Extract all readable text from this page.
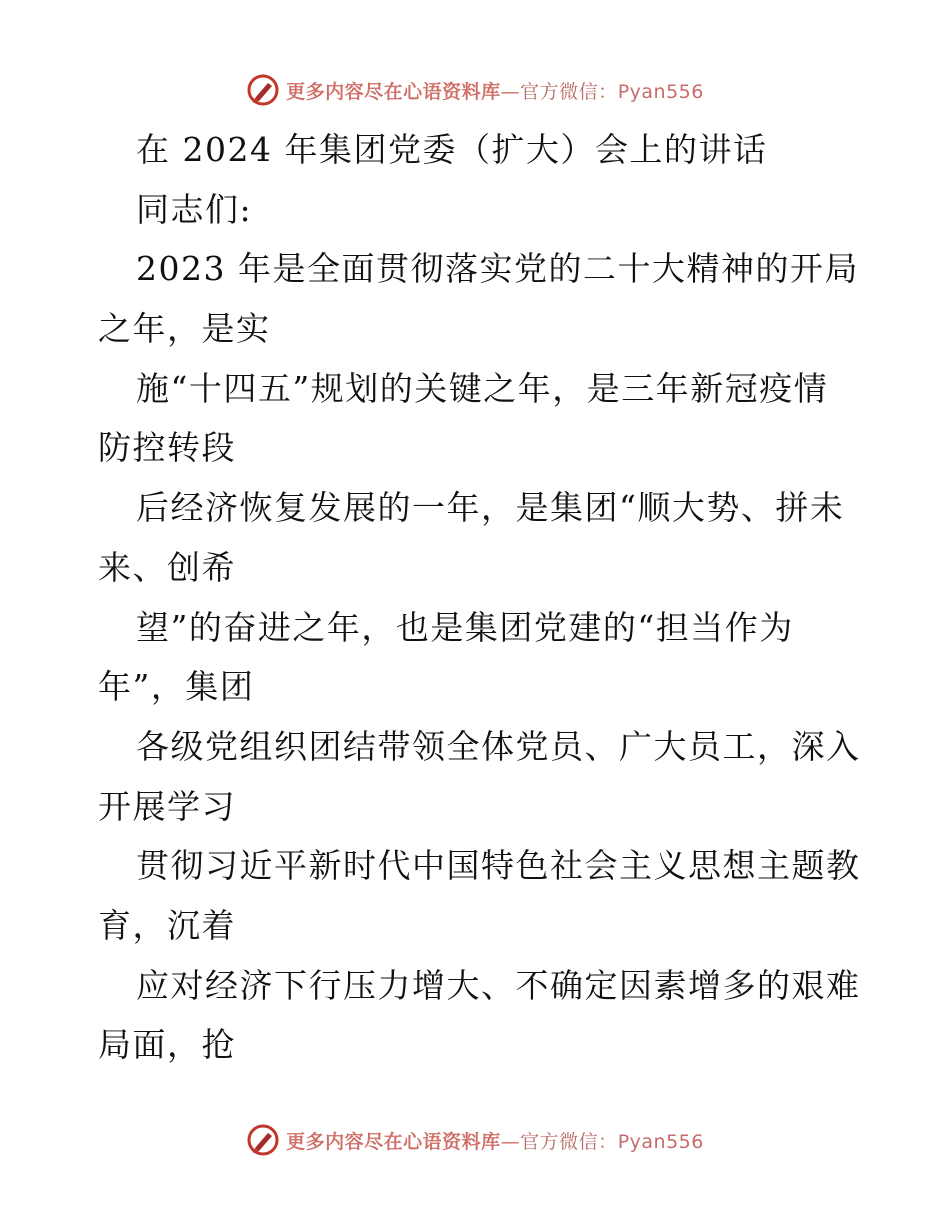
更多内容尽在心语资料库—官方微信：Pyan556
在 2024 年集团党委（扩大）会上的讲话
同志们:
2023 年是全面贯彻落实党的二十大精神的开局
之年，是实
施“十四五”规划的关键之年，是三年新冠疫情
防控转段
后经济恢复发展的一年，是集团“顺大势、拼未
来、创希
望”的奋进之年，也是集团党建的“担当作为
年”，集团
各级党组织团结带领全体党员、广大员工，深入
开展学习
贯彻习近平新时代中国特色社会主义思想主题教
育，沉着
应对经济下行压力增大、不确定因素增多的艰难
局面，抢
更多内容尽在心语资料库—官方微信：Pyan556
